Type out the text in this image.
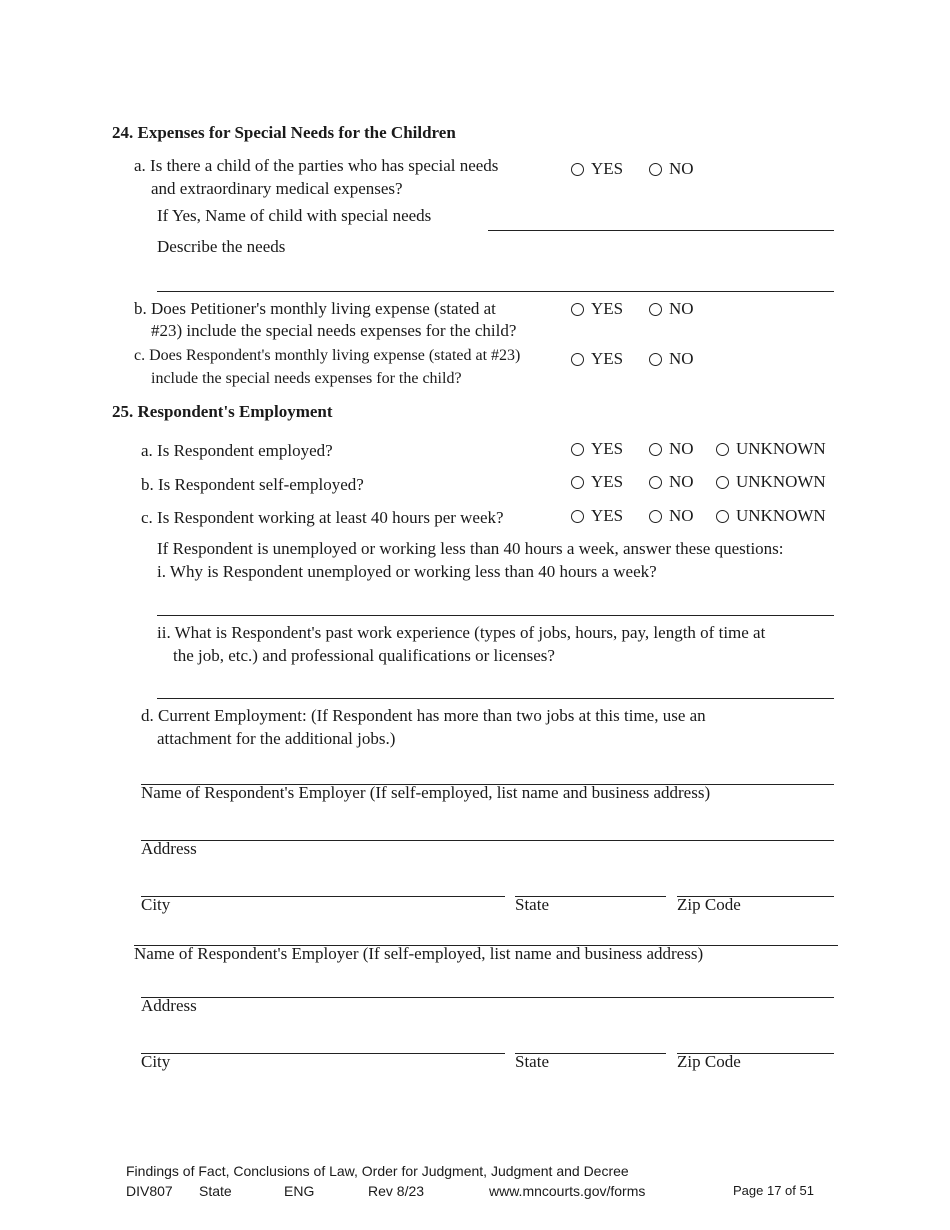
24. Expenses for Special Needs for the Children
a. Is there a child of the parties who has special needs
and extraordinary medical expenses?
YES	NO
If Yes, Name of child with special needs
Describe the needs
b. Does Petitioner's monthly living expense (stated at
#23) include the special needs expenses for the child?
YES	NO
c. Does Respondent's monthly living expense (stated at #23)
include the special needs expenses for the child?
YES	NO
25. Respondent's Employment
a. Is Respondent employed?	YES	NO UNKNOWN
b. Is Respondent self-employed?	YES	NO UNKNOWN
c. Is Respondent working at least 40 hours per week?	YES	NO UNKNOWN
If Respondent is unemployed or working less than 40 hours a week, answer these questions:
i. Why is Respondent unemployed or working less than 40 hours a week?
ii. What is Respondent's past work experience (types of jobs, hours, pay, length of time at
the job, etc.) and professional qualifications or licenses?
d. Current Employment: (If Respondent has more than two jobs at this time, use an
attachment for the additional jobs.)
Name of Respondent's Employer (If self-employed, list name and business address)
Address
City	State	Zip Code
Name of Respondent's Employer (If self-employed, list name and business address)
Address
City	State	Zip Code
Findings of Fact, Conclusions of Law, Order for Judgment, Judgment and Decree
DIV807 State	ENG	Rev 8/23	www.mncourts.gov/forms	Page 17 of 51
